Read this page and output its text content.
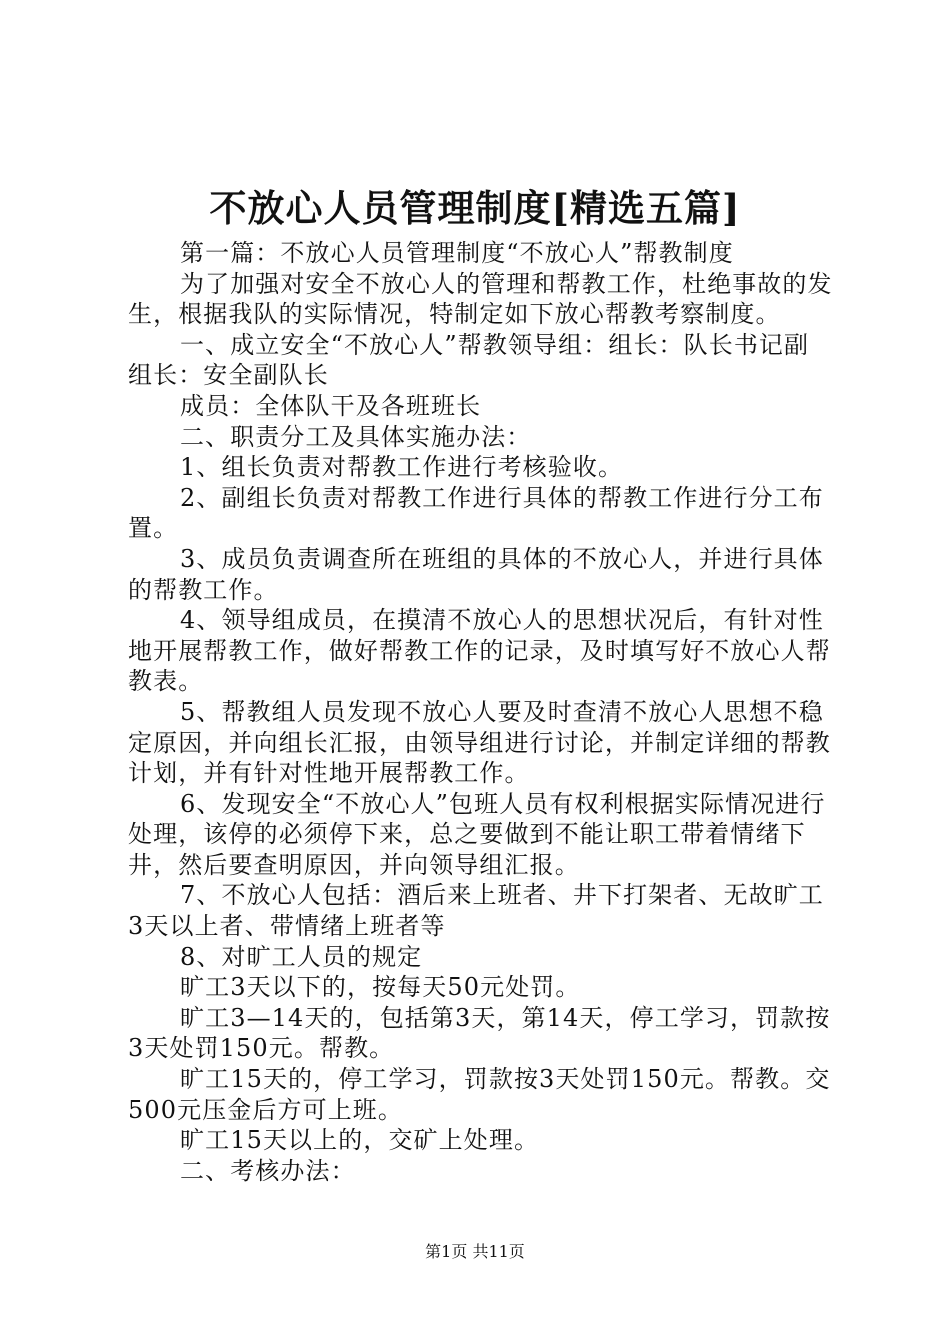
不放心人员管理制度[精选五篇]

第一篇：不放心人员管理制度“不放心人”帮教制度

为了加强对安全不放心人的管理和帮教工作，杜绝事故的发生，根据我队的实际情况，特制定如下放心帮教考察制度。

一、成立安全“不放心人”帮教领导组：组长：队长书记副组长：安全副队长

成员：全体队干及各班班长

二、职责分工及具体实施办法：

1、组长负责对帮教工作进行考核验收。

2、副组长负责对帮教工作进行具体的帮教工作进行分工布置。

3、成员负责调查所在班组的具体的不放心人，并进行具体的帮教工作。

4、领导组成员，在摸清不放心人的思想状况后，有针对性地开展帮教工作，做好帮教工作的记录，及时填写好不放心人帮教表。

5、帮教组人员发现不放心人要及时查清不放心人思想不稳定原因，并向组长汇报，由领导组进行讨论，并制定详细的帮教计划，并有针对性地开展帮教工作。

6、发现安全“不放心人”包班人员有权利根据实际情况进行处理，该停的必须停下来，总之要做到不能让职工带着情绪下井，然后要查明原因，并向领导组汇报。

7、不放心人包括：酒后来上班者、井下打架者、无故旷工3天以上者、带情绪上班者等

8、对旷工人员的规定

旷工3天以下的，按每天50元处罚。

旷工3—14天的，包括第3天，第14天，停工学习，罚款按3天处罚150元。帮教。

旷工15天的，停工学习，罚款按3天处罚150元。帮教。交500元压金后方可上班。

旷工15天以上的，交矿上处理。

二、考核办法：

第1页 共11页
